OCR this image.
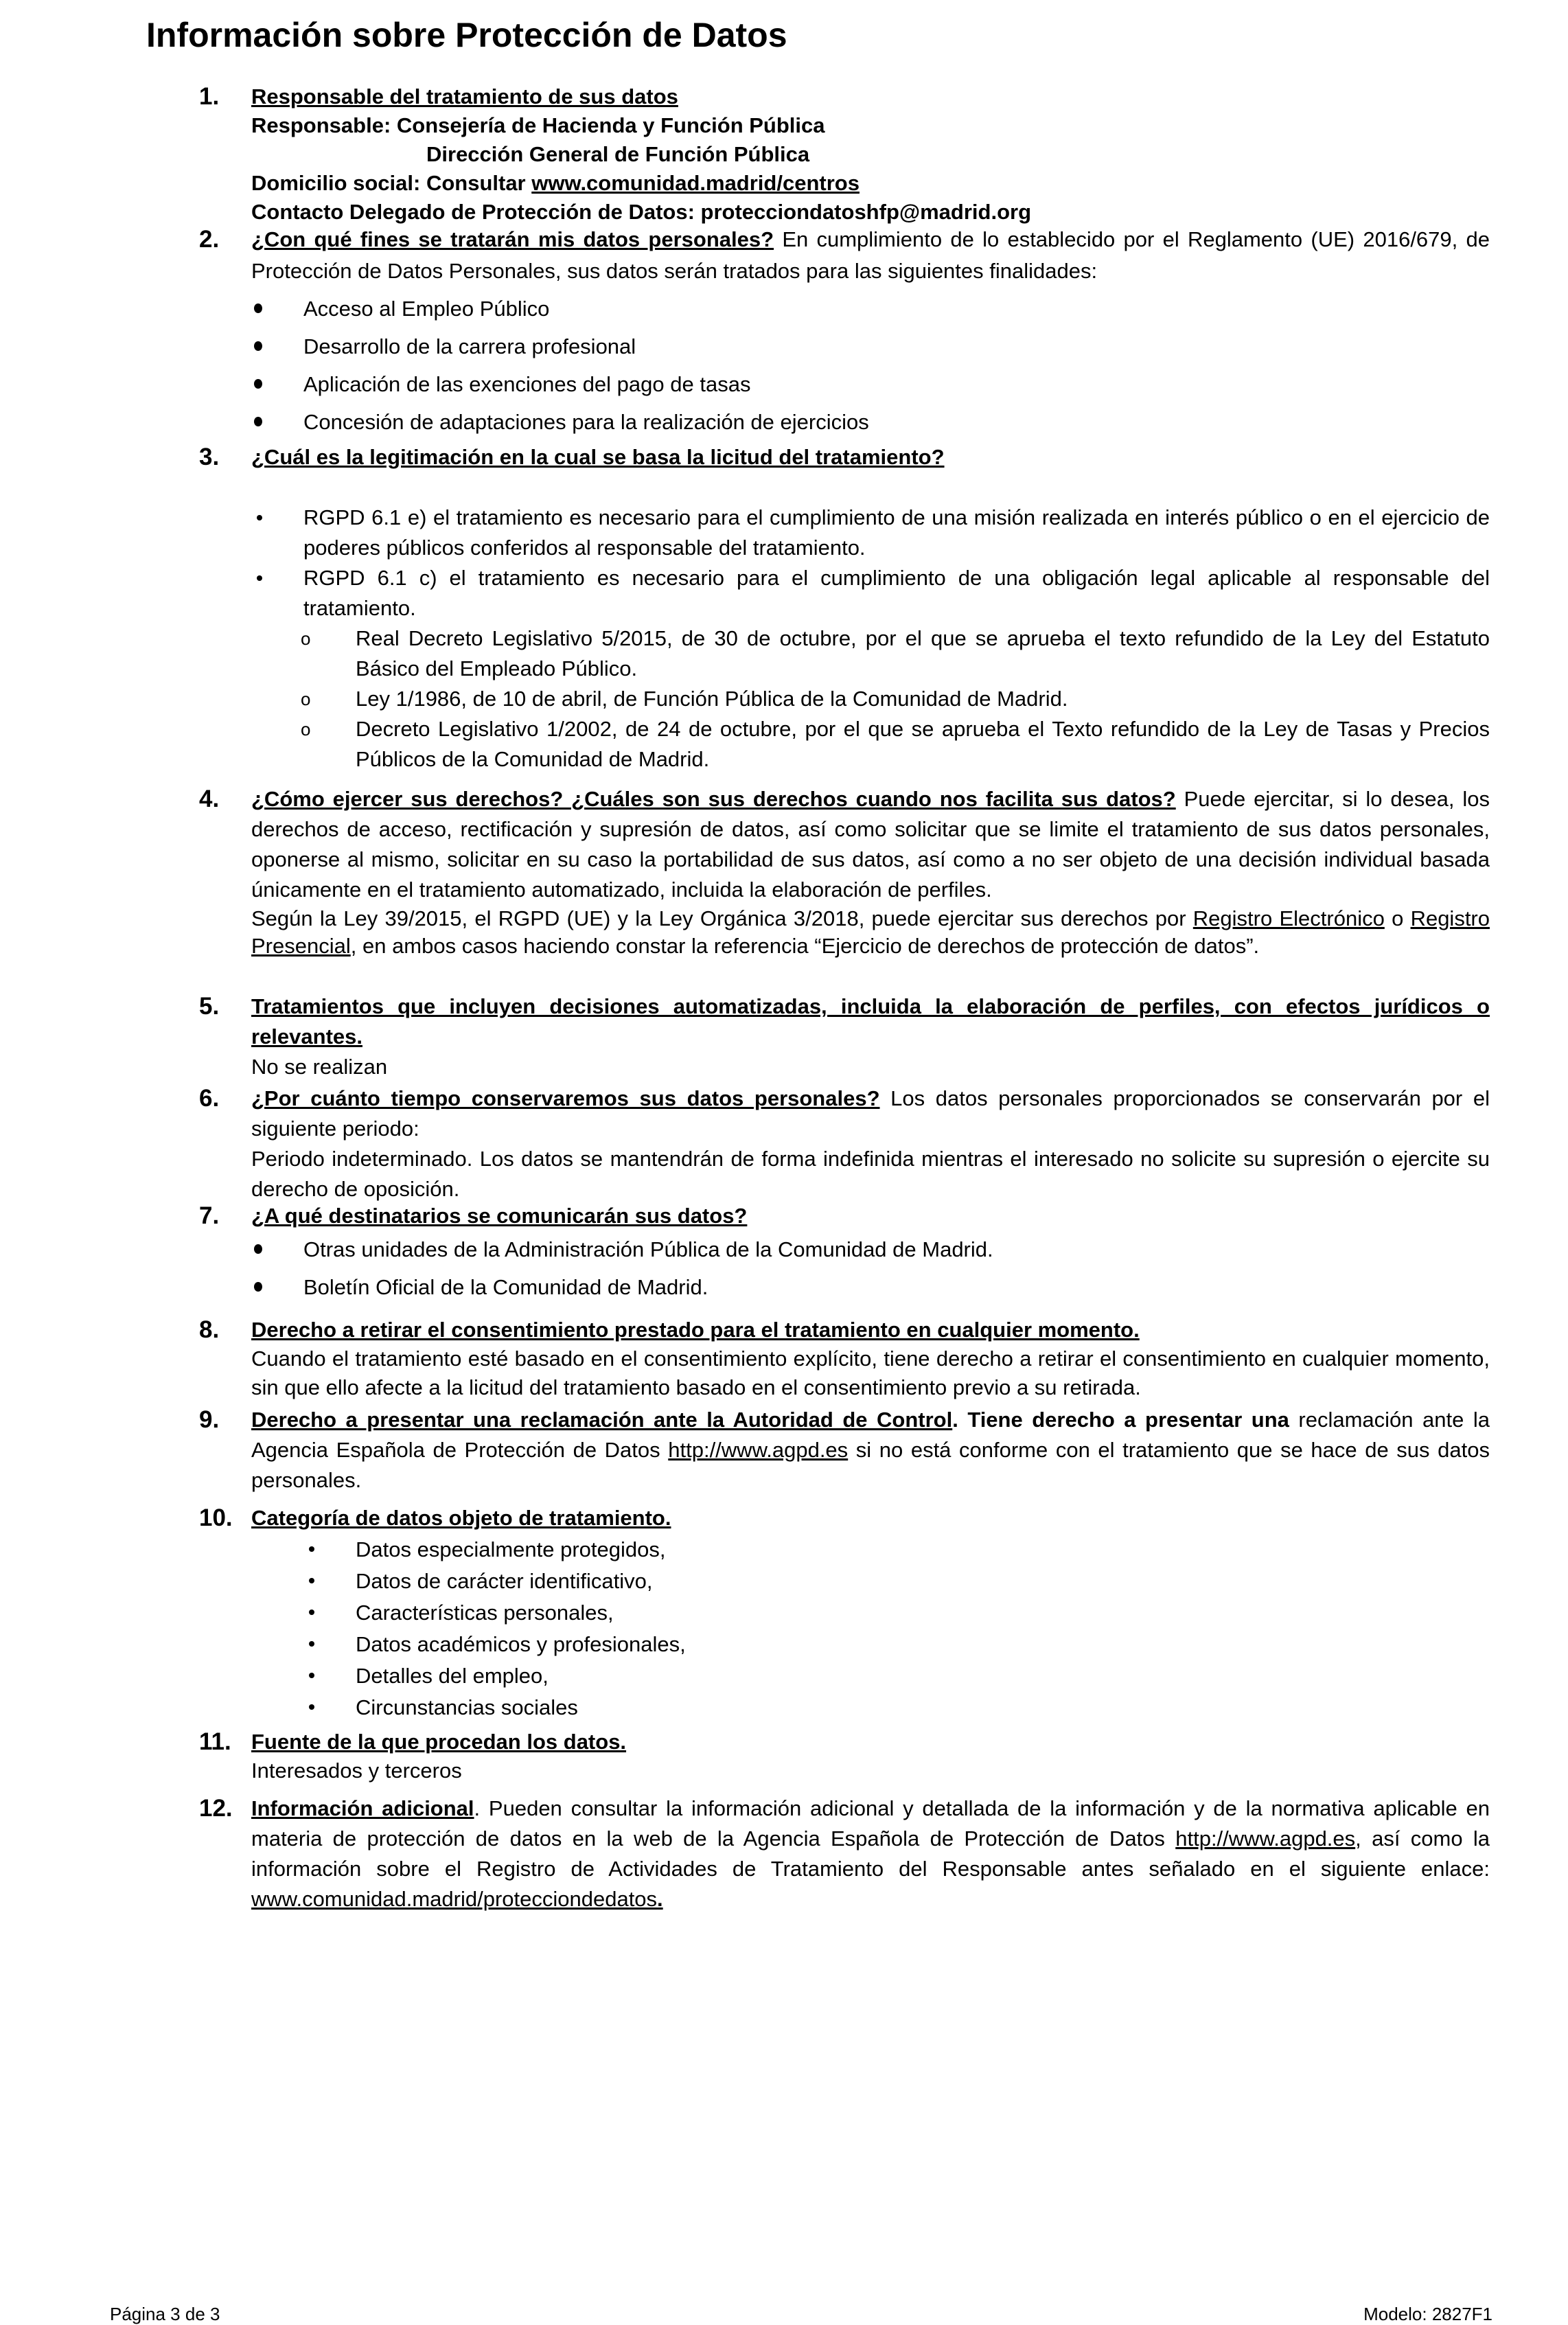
Información sobre Protección de Datos
1. Responsable del tratamiento de sus datos
Responsable: Consejería de Hacienda y Función Pública
Dirección General de Función Pública
Domicilio social: Consultar www.comunidad.madrid/centros
Contacto Delegado de Protección de Datos: protecciondatoshfp@madrid.org
2. ¿Con qué fines se tratarán mis datos personales? En cumplimiento de lo establecido por el Reglamento (UE) 2016/679, de Protección de Datos Personales, sus datos serán tratados para las siguientes finalidades:
Acceso al Empleo Público
Desarrollo de la carrera profesional
Aplicación de las exenciones del pago de tasas
Concesión de adaptaciones para la realización de ejercicios
3. ¿Cuál es la legitimación en la cual se basa la licitud del tratamiento?
RGPD 6.1 e) el tratamiento es necesario para el cumplimiento de una misión realizada en interés público o en el ejercicio de poderes públicos conferidos al responsable del tratamiento.
RGPD 6.1 c) el tratamiento es necesario para el cumplimiento de una obligación legal aplicable al responsable del tratamiento.
o Real Decreto Legislativo 5/2015, de 30 de octubre, por el que se aprueba el texto refundido de la Ley del Estatuto Básico del Empleado Público.
o Ley 1/1986, de 10 de abril, de Función Pública de la Comunidad de Madrid.
o Decreto Legislativo 1/2002, de 24 de octubre, por el que se aprueba el Texto refundido de la Ley de Tasas y Precios Públicos de la Comunidad de Madrid.
4. ¿Cómo ejercer sus derechos? ¿Cuáles son sus derechos cuando nos facilita sus datos? Puede ejercitar, si lo desea, los derechos de acceso, rectificación y supresión de datos, así como solicitar que se limite el tratamiento de sus datos personales, oponerse al mismo, solicitar en su caso la portabilidad de sus datos, así como a no ser objeto de una decisión individual basada únicamente en el tratamiento automatizado, incluida la elaboración de perfiles.
Según la Ley 39/2015, el RGPD (UE) y la Ley Orgánica 3/2018, puede ejercitar sus derechos por Registro Electrónico o Registro Presencial, en ambos casos haciendo constar la referencia “Ejercicio de derechos de protección de datos”.
5. Tratamientos que incluyen decisiones automatizadas, incluida la elaboración de perfiles, con efectos jurídicos o relevantes.
No se realizan
6. ¿Por cuánto tiempo conservaremos sus datos personales? Los datos personales proporcionados se conservarán por el siguiente periodo:
Periodo indeterminado. Los datos se mantendrán de forma indefinida mientras el interesado no solicite su supresión o ejercite su derecho de oposición.
7. ¿A qué destinatarios se comunicarán sus datos?
Otras unidades de la Administración Pública de la Comunidad de Madrid.
Boletín Oficial de la Comunidad de Madrid.
8. Derecho a retirar el consentimiento prestado para el tratamiento en cualquier momento.
Cuando el tratamiento esté basado en el consentimiento explícito, tiene derecho a retirar el consentimiento en cualquier momento, sin que ello afecte a la licitud del tratamiento basado en el consentimiento previo a su retirada.
9. Derecho a presentar una reclamación ante la Autoridad de Control. Tiene derecho a presentar una reclamación ante la Agencia Española de Protección de Datos http://www.agpd.es si no está conforme con el tratamiento que se hace de sus datos personales.
10. Categoría de datos objeto de tratamiento.
Datos especialmente protegidos,
Datos de carácter identificativo,
Características personales,
Datos académicos y profesionales,
Detalles del empleo,
Circunstancias sociales
11. Fuente de la que procedan los datos.
Interesados y terceros
12. Información adicional. Pueden consultar la información adicional y detallada de la información y de la normativa aplicable en materia de protección de datos en la web de la Agencia Española de Protección de Datos http://www.agpd.es, así como la información sobre el Registro de Actividades de Tratamiento del Responsable antes señalado en el siguiente enlace: www.comunidad.madrid/protecciondedatos.
Página 3 de 3	Modelo: 2827F1
